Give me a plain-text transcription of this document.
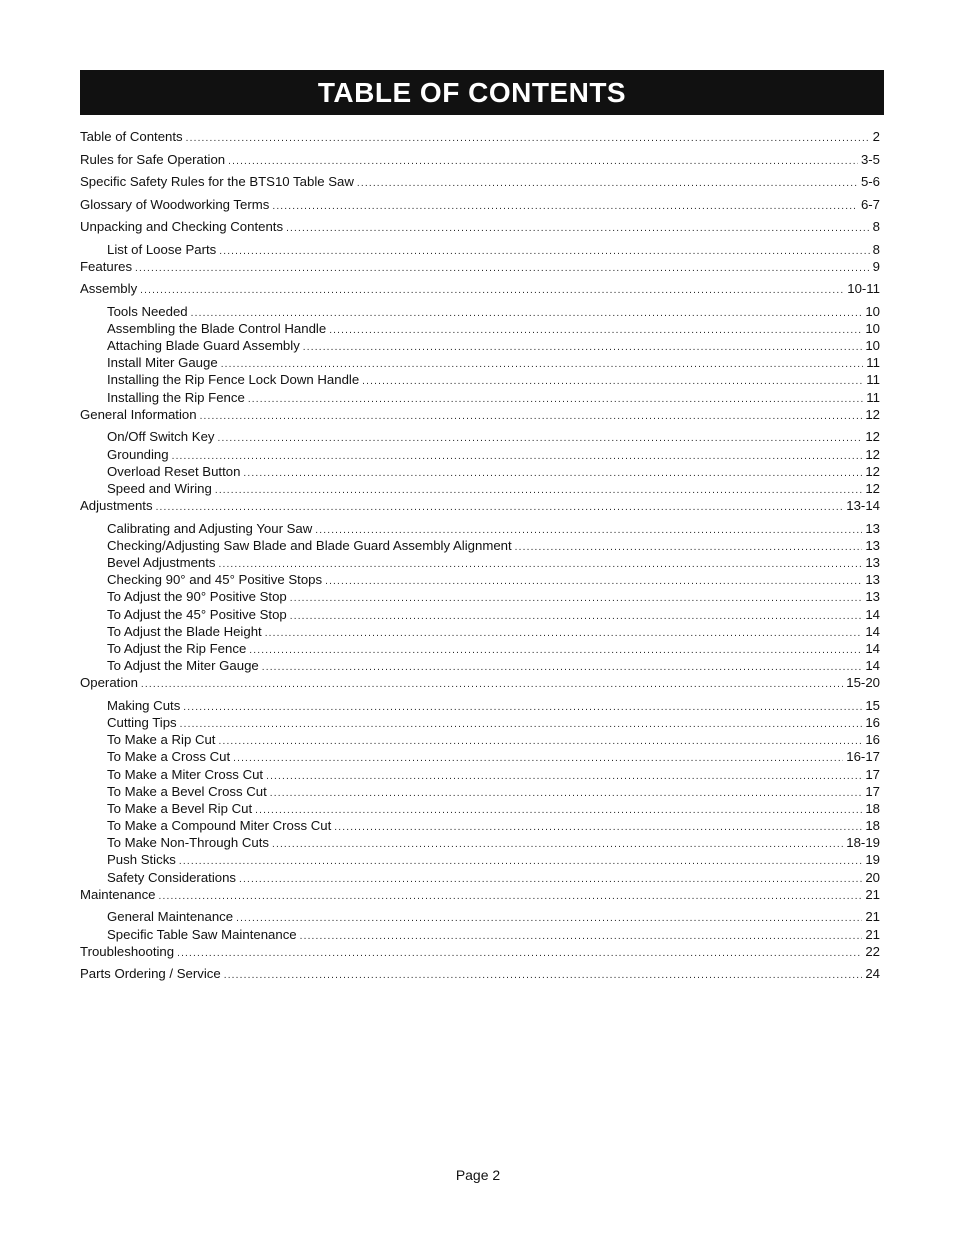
TABLE OF CONTENTS
Table of Contents .....	2
Rules for Safe Operation .....	3-5
Specific Safety Rules for the BTS10 Table Saw .....	5-6
Glossary of Woodworking Terms .....	6-7
Unpacking and Checking Contents .....	8
List of Loose Parts .....	8
Features .....	9
Assembly .....	10-11
Tools Needed .....	10
Assembling the Blade Control Handle .....	10
Attaching Blade Guard Assembly .....	10
Install Miter Gauge .....	11
Installing the Rip Fence Lock Down Handle .....	11
Installing the Rip Fence .....	11
General Information .....	12
On/Off Switch Key .....	12
Grounding .....	12
Overload Reset Button .....	12
Speed and Wiring .....	12
Adjustments .....	13-14
Calibrating and Adjusting Your Saw .....	13
Checking/Adjusting Saw Blade and Blade Guard Assembly Alignment .....	13
Bevel Adjustments .....	13
Checking 90° and 45° Positive Stops .....	13
To Adjust the 90° Positive Stop .....	13
To Adjust the 45° Positive Stop .....	14
To Adjust the Blade Height .....	14
To Adjust the Rip Fence .....	14
To Adjust the Miter Gauge .....	14
Operation .....	15-20
Making Cuts .....	15
Cutting Tips .....	16
To Make a Rip Cut .....	16
To Make a Cross Cut .....	16-17
To Make a Miter Cross Cut .....	17
To Make a Bevel Cross Cut .....	17
To Make a Bevel Rip Cut .....	18
To Make a Compound Miter Cross Cut .....	18
To Make Non-Through Cuts .....	18-19
Push Sticks .....	19
Safety Considerations .....	20
Maintenance .....	21
General Maintenance .....	21
Specific Table Saw Maintenance .....	21
Troubleshooting .....	22
Parts Ordering / Service .....	24
Page 2
